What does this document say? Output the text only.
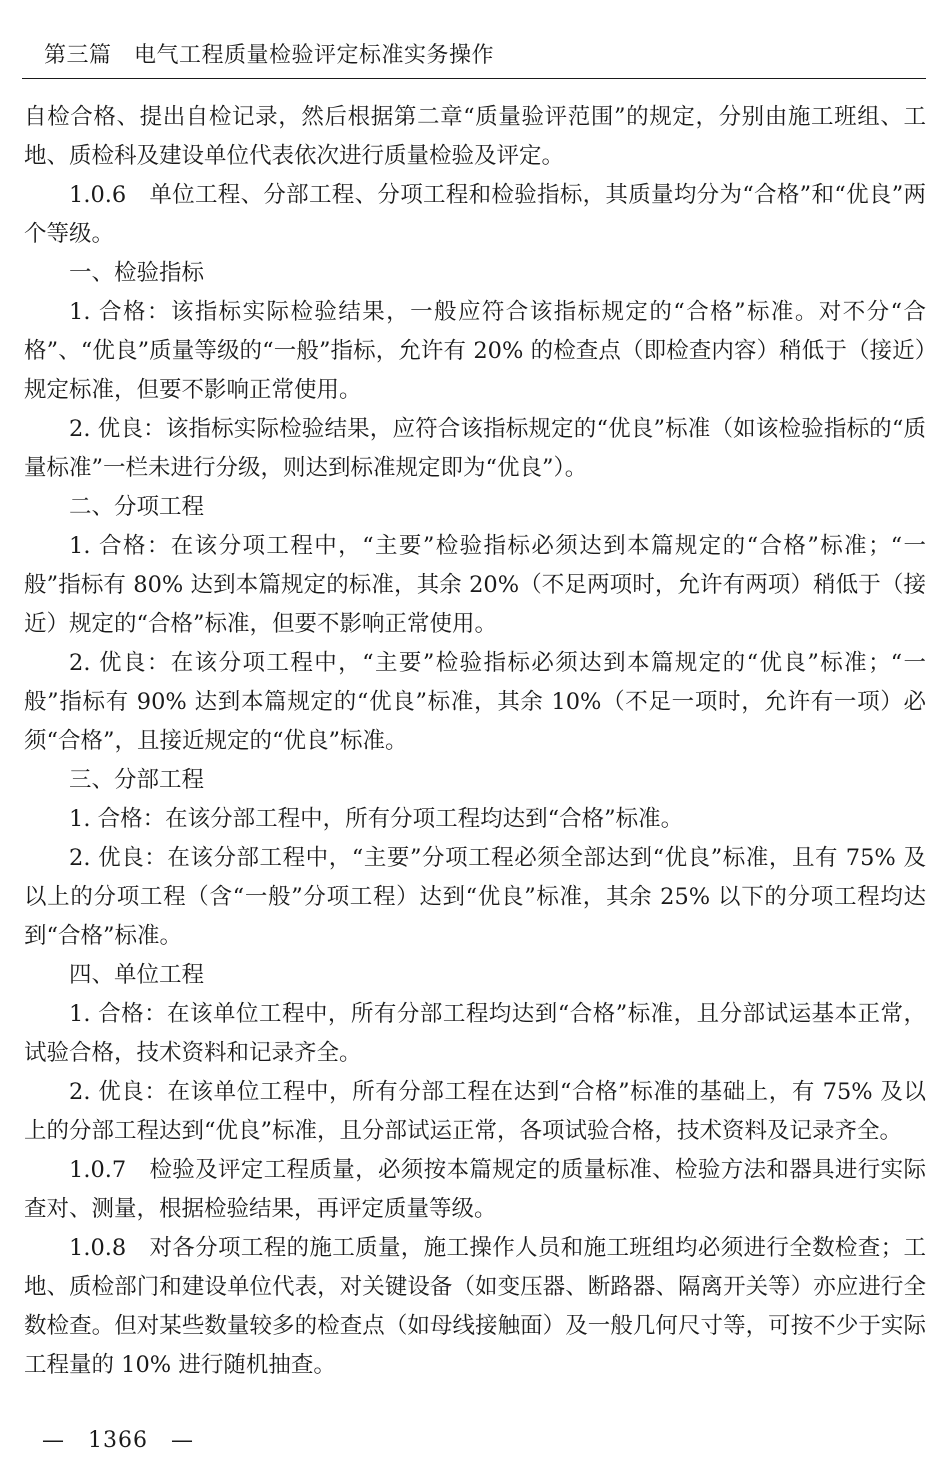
第三篇　电气工程质量检验评定标准实务操作

自检合格、提出自检记录，然后根据第二章“质量验评范围”的规定，分别由施工班组、工地、质检科及建设单位代表依次进行质量检验及评定。

1.0.6　单位工程、分部工程、分项工程和检验指标，其质量均分为“合格”和“优良”两个等级。

一、检验指标

1. 合格：该指标实际检验结果，一般应符合该指标规定的“合格”标准。对不分“合格”、“优良”质量等级的“一般”指标，允许有 20% 的检查点（即检查内容）稍低于（接近）规定标准，但要不影响正常使用。

2. 优良：该指标实际检验结果，应符合该指标规定的“优良”标准（如该检验指标的“质量标准”一栏未进行分级，则达到标准规定即为“优良”）。

二、分项工程

1. 合格：在该分项工程中，“主要”检验指标必须达到本篇规定的“合格”标准；“一般”指标有 80% 达到本篇规定的标准，其余 20%（不足两项时，允许有两项）稍低于（接近）规定的“合格”标准，但要不影响正常使用。

2. 优良：在该分项工程中，“主要”检验指标必须达到本篇规定的“优良”标准；“一般”指标有 90% 达到本篇规定的“优良”标准，其余 10%（不足一项时，允许有一项）必须“合格”，且接近规定的“优良”标准。

三、分部工程

1. 合格：在该分部工程中，所有分项工程均达到“合格”标准。

2. 优良：在该分部工程中，“主要”分项工程必须全部达到“优良”标准，且有 75% 及以上的分项工程（含“一般”分项工程）达到“优良”标准，其余 25% 以下的分项工程均达到“合格”标准。

四、单位工程

1. 合格：在该单位工程中，所有分部工程均达到“合格”标准，且分部试运基本正常，试验合格，技术资料和记录齐全。

2. 优良：在该单位工程中，所有分部工程在达到“合格”标准的基础上，有 75% 及以上的分部工程达到“优良”标准，且分部试运正常，各项试验合格，技术资料及记录齐全。

1.0.7　检验及评定工程质量，必须按本篇规定的质量标准、检验方法和器具进行实际查对、测量，根据检验结果，再评定质量等级。

1.0.8　对各分项工程的施工质量，施工操作人员和施工班组均必须进行全数检查；工地、质检部门和建设单位代表，对关键设备（如变压器、断路器、隔离开关等）亦应进行全数检查。但对某些数量较多的检查点（如母线接触面）及一般几何尺寸等，可按不少于实际工程量的 10% 进行随机抽查。

—　1366　—
